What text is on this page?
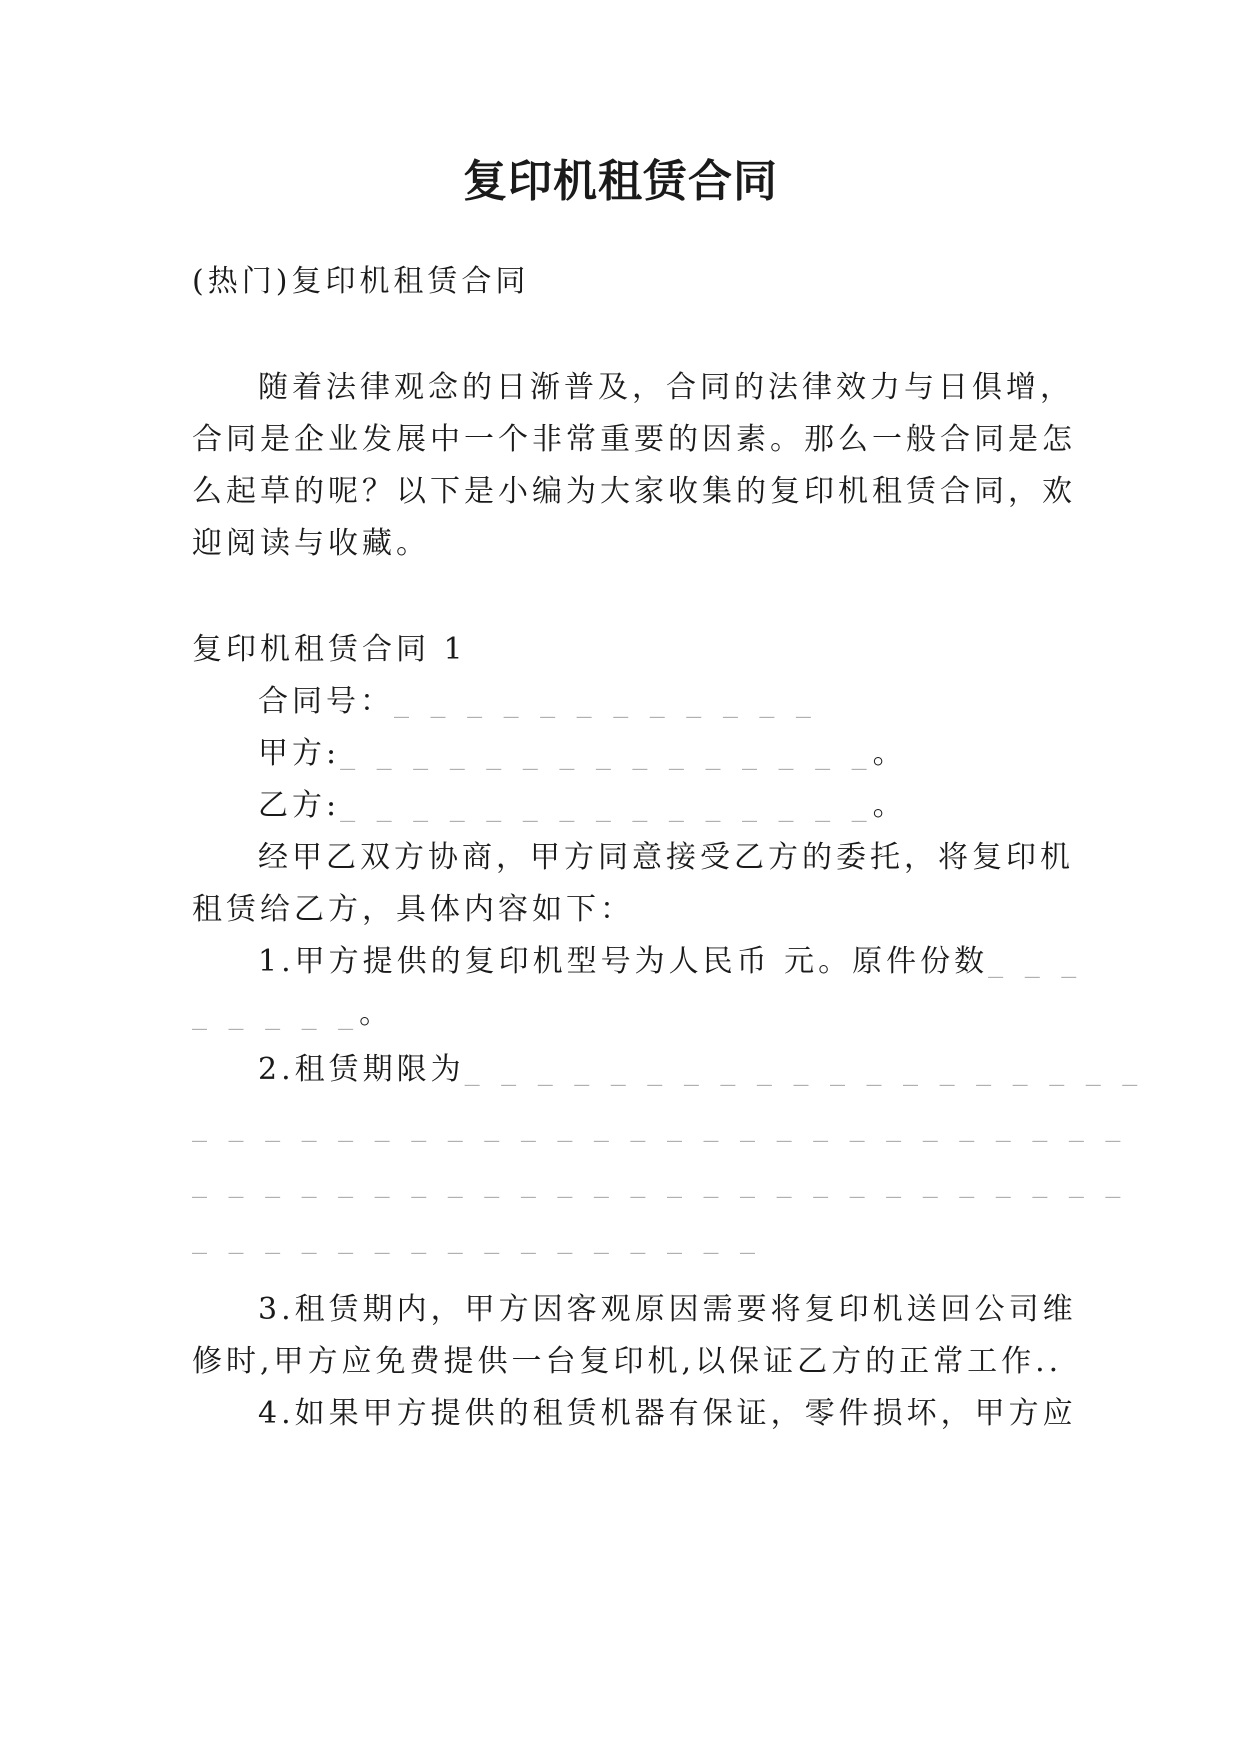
复印机租赁合同
(热门)复印机租赁合同
随着法律观念的日渐普及，合同的法律效力与日俱增，
合同是企业发展中一个非常重要的因素。那么一般合同是怎
么起草的呢？以下是小编为大家收集的复印机租赁合同，欢
迎阅读与收藏。
复印机租赁合同 1
合同号：_ _ _ _ _ _ _ _ _ _ _ _
甲方:_ _ _ _ _ _ _ _ _ _ _ _ _ _ _。
乙方:_ _ _ _ _ _ _ _ _ _ _ _ _ _ _。
经甲乙双方协商，甲方同意接受乙方的委托，将复印机
租赁给乙方，具体内容如下：
1.甲方提供的复印机型号为人民币 元。原件份数_ _ _
_ _ _ _ _。
2.租赁期限为_ _ _ _ _ _ _ _ _ _ _ _ _ _ _ _ _ _ _
_ _ _ _ _ _ _ _ _ _ _ _ _ _ _ _ _ _ _ _ _ _ _ _ _ _
_ _ _ _ _ _ _ _ _ _ _ _ _ _ _ _ _ _ _ _ _ _ _ _ _ _
_ _ _ _ _ _ _ _ _ _ _ _ _ _ _ _
3.租赁期内，甲方因客观原因需要将复印机送回公司维
修时,甲方应免费提供一台复印机,以保证乙方的正常工作..
4.如果甲方提供的租赁机器有保证，零件损坏，甲方应
